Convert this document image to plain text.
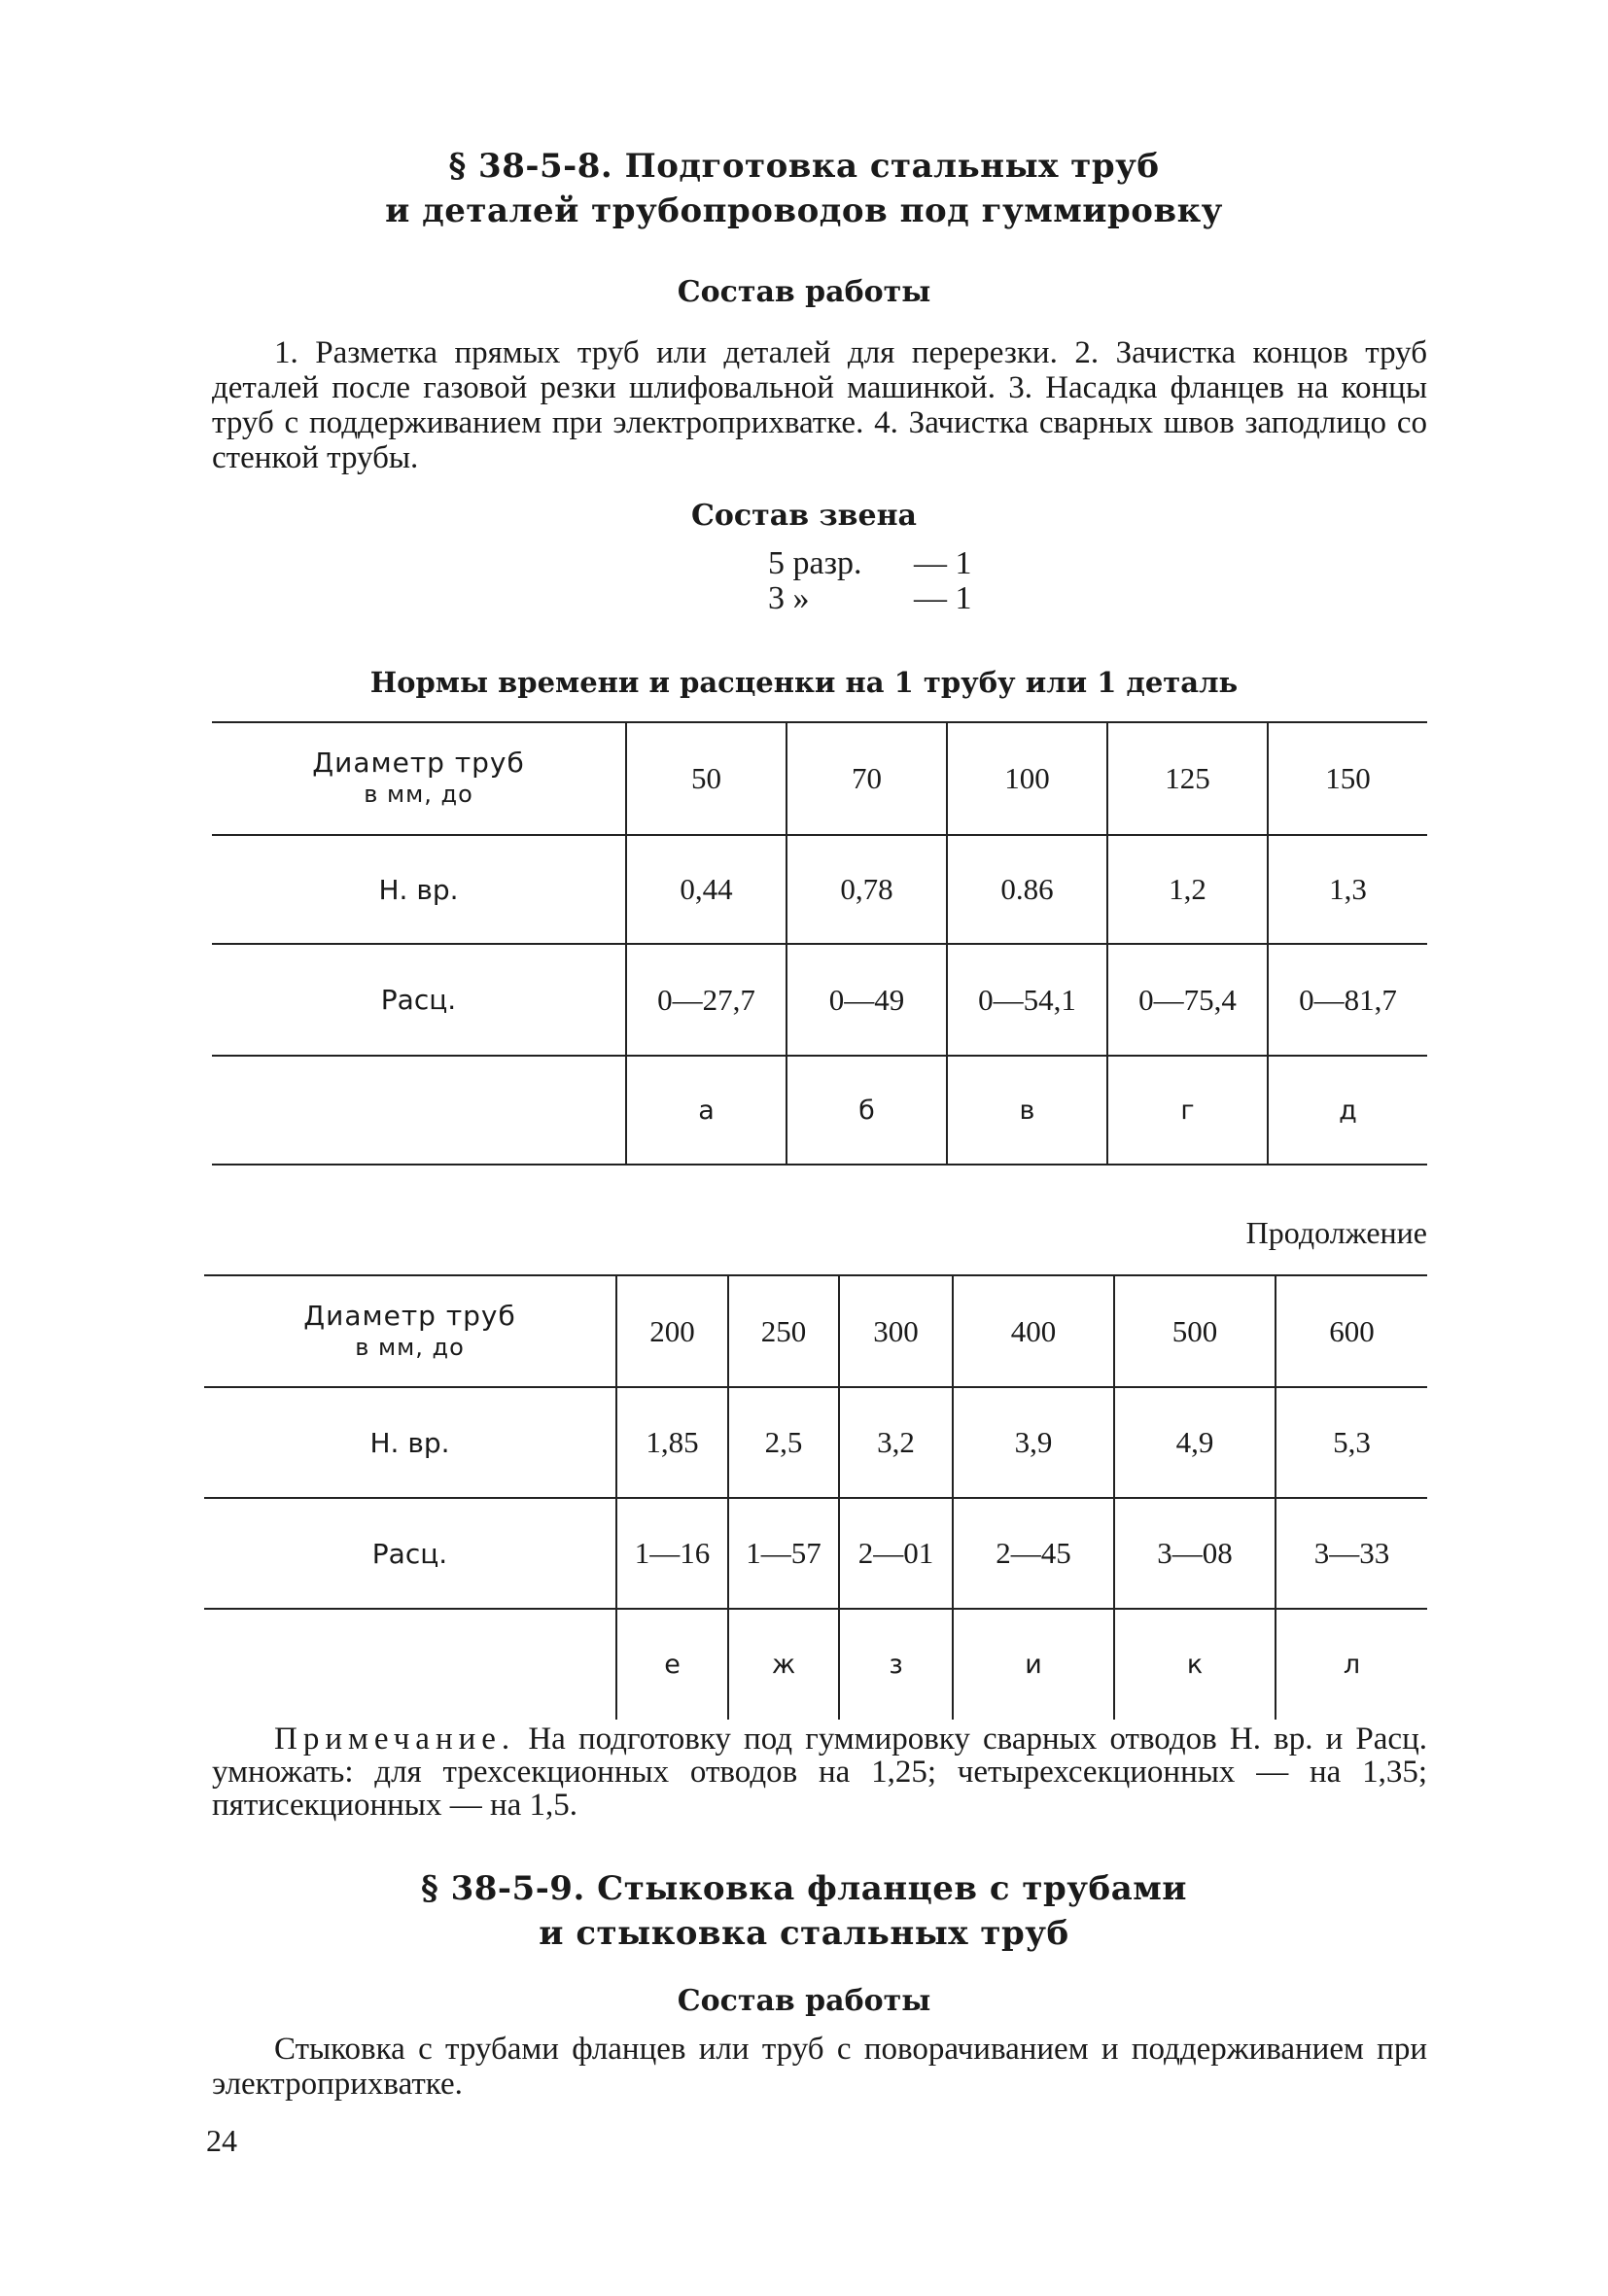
§ 38-5-8. Подготовка стальных труб
и деталей трубопроводов под гуммировку
Состав работы
1. Разметка прямых труб или деталей для перерезки. 2. Зачистка концов труб деталей после газовой резки шлифовальной машинкой. 3. Насадка фланцев на концы труб с поддерживанием при электроприхватке. 4. Зачистка сварных швов заподлицо со стенкой трубы.
Состав звена
5 разр.	— 1
3 »	— 1
Нормы времени и расценки на 1 трубу или 1 деталь
Диаметр труб
в мм, до	50	70	100	125	150
Н. вр.	0,44	0,78	0.86	1,2	1,3
Расц.	0—27,7	0—49	0—54,1	0—75,4	0—81,7
	а	б	в	г	д
Продолжение
Диаметр труб
в мм, до	200	250	300	400	500	600
Н. вр.	1,85	2,5	3,2	3,9	4,9	5,3
Расц.	1—16	1—57	2—01	2—45	3—08	3—33
	е	ж	з	и	к	л
Примечание. На подготовку под гуммировку сварных отводов Н. вр. и Расц. умножать: для трехсекционных отводов на 1,25; четырехсекционных — на 1,35; пятисекционных — на 1,5.
§ 38-5-9. Стыковка фланцев с трубами
и стыковка стальных труб
Состав работы
Стыковка с трубами фланцев или труб с поворачиванием и поддерживанием при электроприхватке.
24
